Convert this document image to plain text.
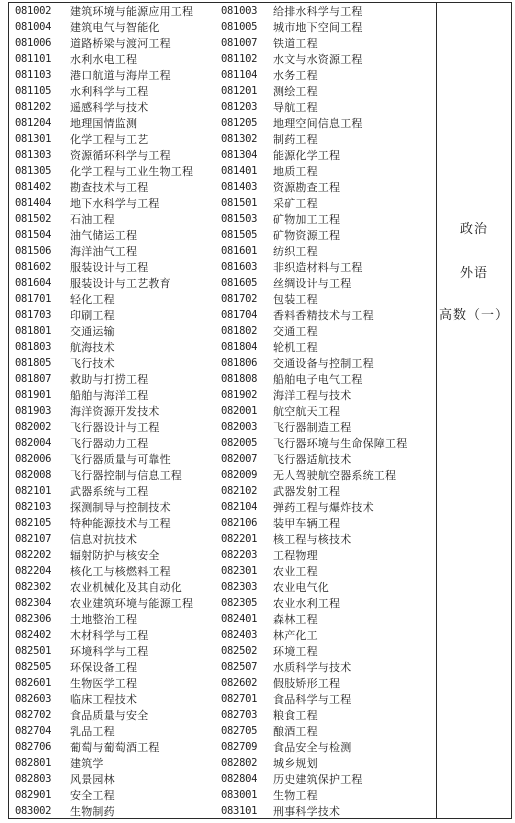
081002 建筑环境与能源应用工程	081003 给排水科学与工程
081004 建筑电气与智能化	081005 城市地下空间工程
081006 道路桥梁与渡河工程	081007 铁道工程
081101 水利水电工程	081102 水文与水资源工程
081103 港口航道与海岸工程	081104 水务工程
081105 水利科学与工程	081201 测绘工程
081202 遥感科学与技术	081203 导航工程
081204 地理国情监测	081205 地理空间信息工程
081301 化学工程与工艺	081302 制药工程
081303 资源循环科学与工程	081304 能源化学工程
081305 化学工程与工业生物工程	081401 地质工程
081402 勘查技术与工程	081403 资源勘查工程
081404 地下水科学与工程	081501 采矿工程
081502 石油工程	081503 矿物加工工程
081504 油气储运工程	081505 矿物资源工程
081506 海洋油气工程	081601 纺织工程
081602 服装设计与工程	081603 非织造材料与工程
081604 服装设计与工艺教育	081605 丝绸设计与工程
081701 轻化工程	081702 包装工程
081703 印刷工程	081704 香料香精技术与工程
081801 交通运输	081802 交通工程
081803 航海技术	081804 轮机工程
081805 飞行技术	081806 交通设备与控制工程
081807 救助与打捞工程	081808 船舶电子电气工程
081901 船舶与海洋工程	081902 海洋工程与技术
081903 海洋资源开发技术	082001 航空航天工程
082002 飞行器设计与工程	082003 飞行器制造工程
082004 飞行器动力工程	082005 飞行器环境与生命保障工程
082006 飞行器质量与可靠性	082007 飞行器适航技术
082008 飞行器控制与信息工程	082009 无人驾驶航空器系统工程
082101 武器系统与工程	082102 武器发射工程
082103 探测制导与控制技术	082104 弹药工程与爆炸技术
082105 特种能源技术与工程	082106 装甲车辆工程
082107 信息对抗技术	082201 核工程与核技术
082202 辐射防护与核安全	082203 工程物理
082204 核化工与核燃料工程	082301 农业工程
082302 农业机械化及其自动化	082303 农业电气化
082304 农业建筑环境与能源工程	082305 农业水利工程
082306 土地整治工程	082401 森林工程
082402 木材科学与工程	082403 林产化工
082501 环境科学与工程	082502 环境工程
082505 环保设备工程	082507 水质科学与技术
082601 生物医学工程	082602 假肢矫形工程
082603 临床工程技术	082701 食品科学与工程
082702 食品质量与安全	082703 粮食工程
082704 乳品工程	082705 酿酒工程
082706 葡萄与葡萄酒工程	082709 食品安全与检测
082801 建筑学	082802 城乡规划
082803 风景园林	082804 历史建筑保护工程
082901 安全工程	083001 生物工程
083002 生物制药	083101 刑事科学技术
政治
外语
高数（一）
